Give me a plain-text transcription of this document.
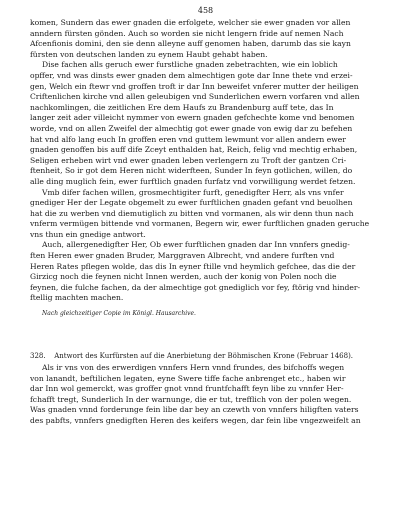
458
komen, Sundern das ewer gnaden die erfolgete, welcher sie ewer gnaden vor allen
anndern fürsten gönden. Auch so worden sie nicht lengern fride auf nemen Nach
Afcenfionis domini, den sie denn alleyne auff genomen haben, darumb das sie kayn
fürsten von deutschen landen zu eynem Haubt gehabt haben.
Dise fachen alls geruch ewer furstliche gnaden zebetrachten, wie ein loblich
opffer, vnd was dinsts ewer gnaden dem almechtigen gote dar Inne thete vnd erzei-
gen, Welch ein ftewr vnd groffen troft ir dar Inn beweifet vnferer mutter der heiligen
Criftenlichen kirche vnd allen geleubigen vnd Sunderlichen ewern vorfaren vnd allen
nachkomlingen, die zeitlichen Ere dem Haufs zu Brandenburg auff tete, das In
langer zeit ader villeicht nymmer von ewern gnaden gefchechte kome vnd benomen
worde, vnd on allen Zweifel der almechtig got ewer gnade von ewig dar zu befehen
hat vnd alfo lang euch In groffen eren vnd guttem lewmunt vor allen andern ewer
gnaden genoffen bis auff dife Zceyt enthalden hat, Reich, felig vnd mechtig erhaben,
Seligen erheben wirt vnd ewer gnaden leben verlengern zu Troft der gantzen Cri-
ftenheit, So ir got dem Heren nicht widerfteen, Sunder In feyn gotlichen, willen, do
alle ding muglich fein, ewer furftlich gnaden furfatz vnd vorwilligung werdet fetzen.
Vmb difer fachen willen, grosmechtigiter furft, genedigfter Herr, als vns vnfer
gnediger Her der Legate obgemelt zu ewer furftlichen gnaden gefant vnd beuolhen
hat die zu werben vnd diemutiglich zu bitten vnd vormanen, als wir denn thun nach
vnferm vermügen bittende vnd vormanen, Begern wir, ewer furftlichen gnaden geruche
vns thun ein gnedige antwort.
Auch, allergenedigfter Her, Ob ewer furftlichen gnaden dar Inn vnnfers gnedig-
ften Heren ewer gnaden Bruder, Marggraven Albrecht, vnd andere furften vnd
Heren Rates pflegen wolde, das dis In eyner ftille vnd heymlich gefchee, das die der
Girzicg noch die feynen nicht Innen werden, auch der konig von Polen noch die
feynen, die fulche fachen, da der almechtige got gnediglich vor fey, ftörig vnd hinder-
ftellig machten machen.
Nach gleichzeitiger Copie im Königl. Hausarchive.
328. Antwort des Kurfürsten auf die Anerbietung der Böhmischen Krone (Februar 1468).
Als ir vns von des erwerdigen vnnfers Hern vnnd frundes, des bifchoffs wegen
von lanandt, beftilichen legaten, eyne Swere tiffe fache anbrenget etc., haben wir
dar Inn wol gemerckt, was groffer gnot vnnd fruntfchafft feyn libe zu vnnfer Her-
fchafft tregt, Sunderlich In der warnunge, die er tut, trefflich von der polen wegen.
Was gnaden vnnd forderunge fein libe dar bey an czewth von vnnfers hiligften vaters
des pabfts, vnnfers gnedigften Heren des keifers wegen, dar fein libe vngezweifelt an
